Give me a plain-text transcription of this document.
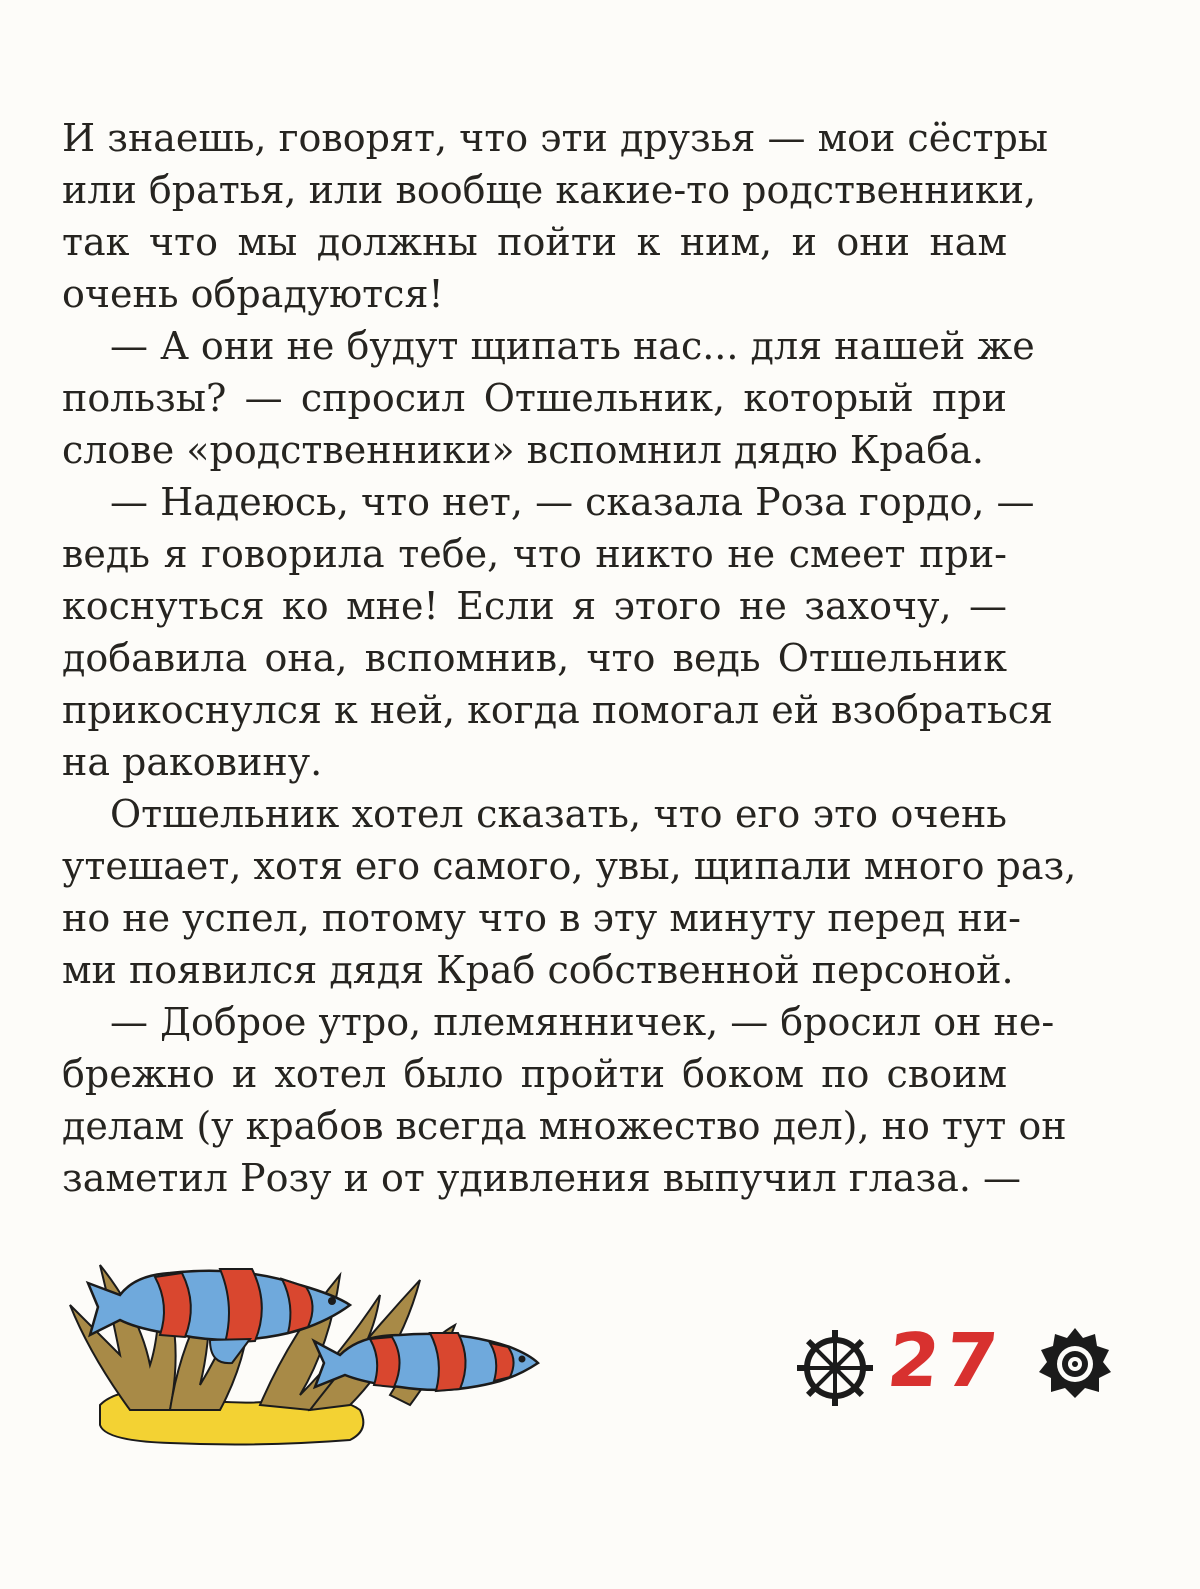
И знаешь, говорят, что эти друзья — мои сёстры
или братья, или вообще какие-то родственники,
так что мы должны пойти к ним, и они нам
очень обрадуются!
— А они не будут щипать нас... для нашей же
пользы? — спросил Отшельник, который при
слове «родственники» вспомнил дядю Краба.
— Надеюсь, что нет, — сказала Роза гордо, —
ведь я говорила тебе, что никто не смеет при-
коснуться ко мне! Если я этого не захочу, —
добавила она, вспомнив, что ведь Отшельник
прикоснулся к ней, когда помогал ей взобраться
на раковину.
Отшельник хотел сказать, что его это очень
утешает, хотя его самого, увы, щипали много раз,
но не успел, потому что в эту минуту перед ни-
ми появился дядя Краб собственной персоной.
— Доброе утро, племянничек, — бросил он не-
брежно и хотел было пройти боком по своим
делам (у крабов всегда множество дел), но тут он
заметил Розу и от удивления выпучил глаза. —
27
